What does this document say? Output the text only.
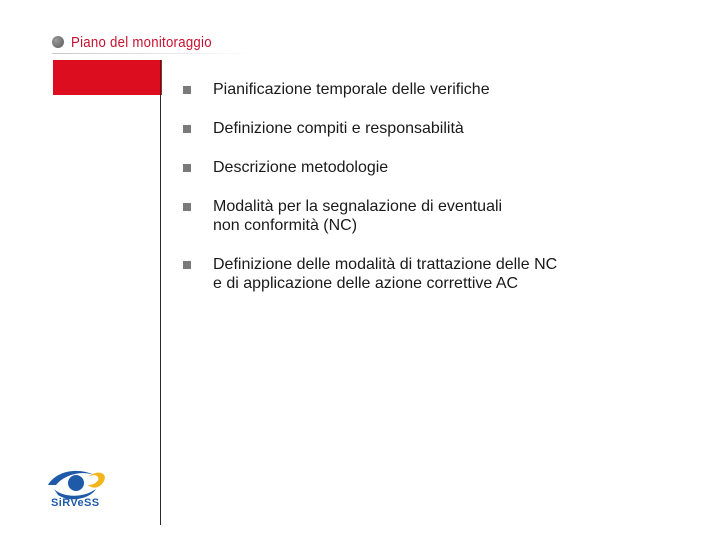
Piano del monitoraggio
Pianificazione temporale delle verifiche
Definizione compiti e responsabilità
Descrizione metodologie
Modalità per la segnalazione di eventuali
non conformità (NC)
Definizione delle modalità di trattazione delle NC
e di applicazione delle azione correttive AC
SiRVeSS
